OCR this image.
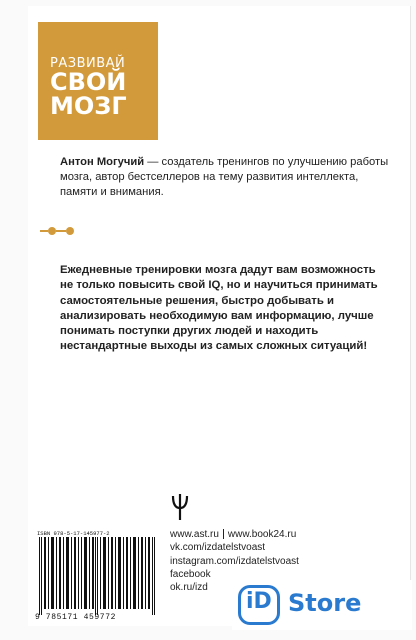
РАЗВИВАЙ
СВОЙ
МОЗГ
Антон Могучий — создатель тренингов по улучшению работы мозга, автор бестселлеров на тему развития интеллекта, памяти и внимания.
Ежедневные тренировки мозга дадут вам возможность не только повысить свой IQ, но и научиться принимать самостоятельные решения, быстро добывать и анализировать необходимую вам информацию, лучше понимать поступки других людей и находить нестандартные выходы из самых сложных ситуаций!
ISBN 978-5-17-145977-2
9 785171 459772
www.ast.ru www.book24.ru
vk.com/izdatelstvoast
instagram.com/izdatelstvoast
facebook
ok.ru/izd
iD Store
